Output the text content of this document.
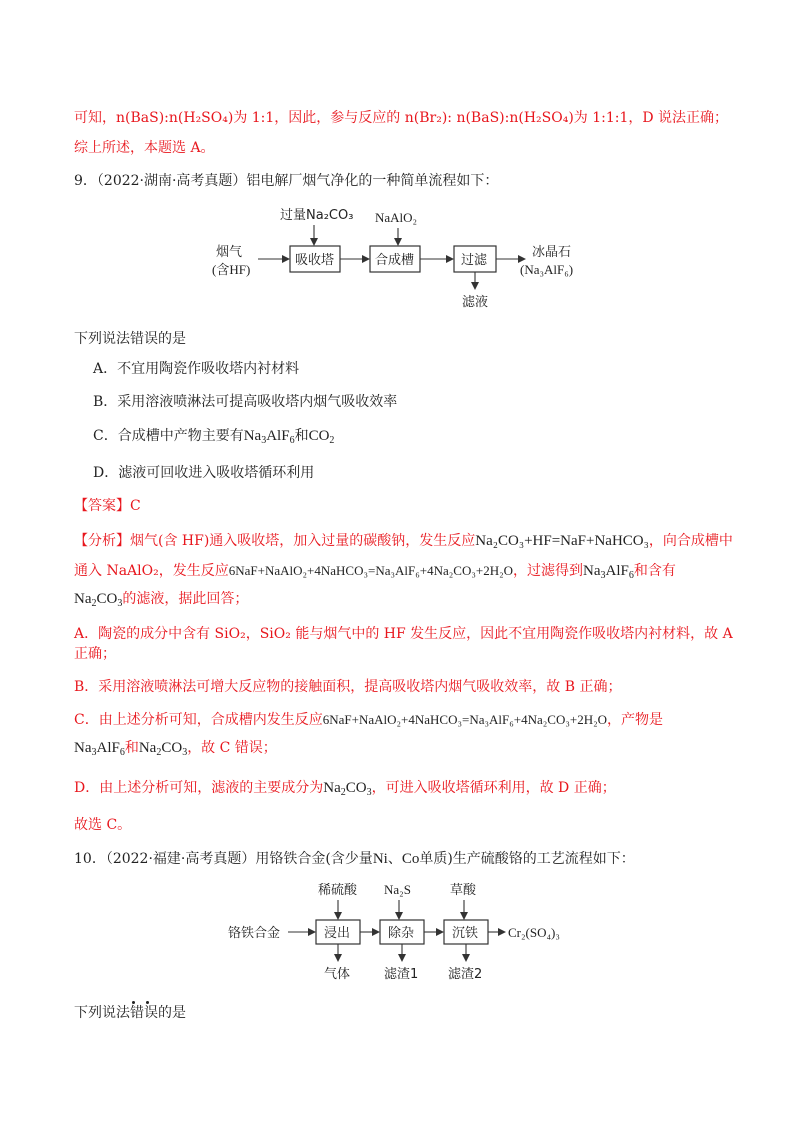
可知，n(BaS):n(H₂SO₄)为 1:1，因此，参与反应的 n(Br₂): n(BaS):n(H₂SO₄)为 1:1:1，D 说法正确；
综上所述，本题选 A。
9．（2022·湖南·高考真题）铝电解厂烟气净化的一种简单流程如下：
过量Na₂CO₃ NaAlO₂
烟气
(含HF)
吸收塔	合成槽	过滤
冰晶石
(Na₃AlF₆)
滤液
下列说法错误的是
A．不宜用陶瓷作吸收塔内衬材料
B．采用溶液喷淋法可提高吸收塔内烟气吸收效率
C．合成槽中产物主要有$Na_3AlF_6$和$CO_2$
D．滤液可回收进入吸收塔循环利用
【答案】C
【分析】烟气(含 HF)通入吸收塔，加入过量的碳酸钠，发生反应Na₂CO₃+HF=NaF+NaHCO₃，向合成槽中
通入 NaAlO₂，发生反应6NaF+NaAlO₂+4NaHCO₃=Na₃AlF₆+4Na₂CO₃+2H₂O，过滤得到$Na_3AlF_6$和含有
$Na_2CO_3$的滤液，据此回答；
A．陶瓷的成分中含有 SiO₂，SiO₂ 能与烟气中的 HF 发生反应，因此不宜用陶瓷作吸收塔内衬材料，故 A
正确；
B．采用溶液喷淋法可增大反应物的接触面积，提高吸收塔内烟气吸收效率，故 B 正确；
C．由上述分析可知，合成槽内发生反应6NaF+NaAlO₂+4NaHCO₃=Na₃AlF₆+4Na₂CO₃+2H₂O，产物是
$Na_3AlF_6$和$Na_2CO_3$，故 C 错误；
D．由上述分析可知，滤液的主要成分为$Na_2CO_3$，可进入吸收塔循环利用，故 D 正确；
故选 C。
10．（2022·福建·高考真题）用铬铁合金(含少量Ni、Co单质)生产硫酸铬的工艺流程如下：
稀硫酸 Na₂S	草酸
铬铁合金	浸出	除杂	沉铁 Cr₂(SO₄)₃
气体	滤渣1 滤渣2
下列说法错误的是
